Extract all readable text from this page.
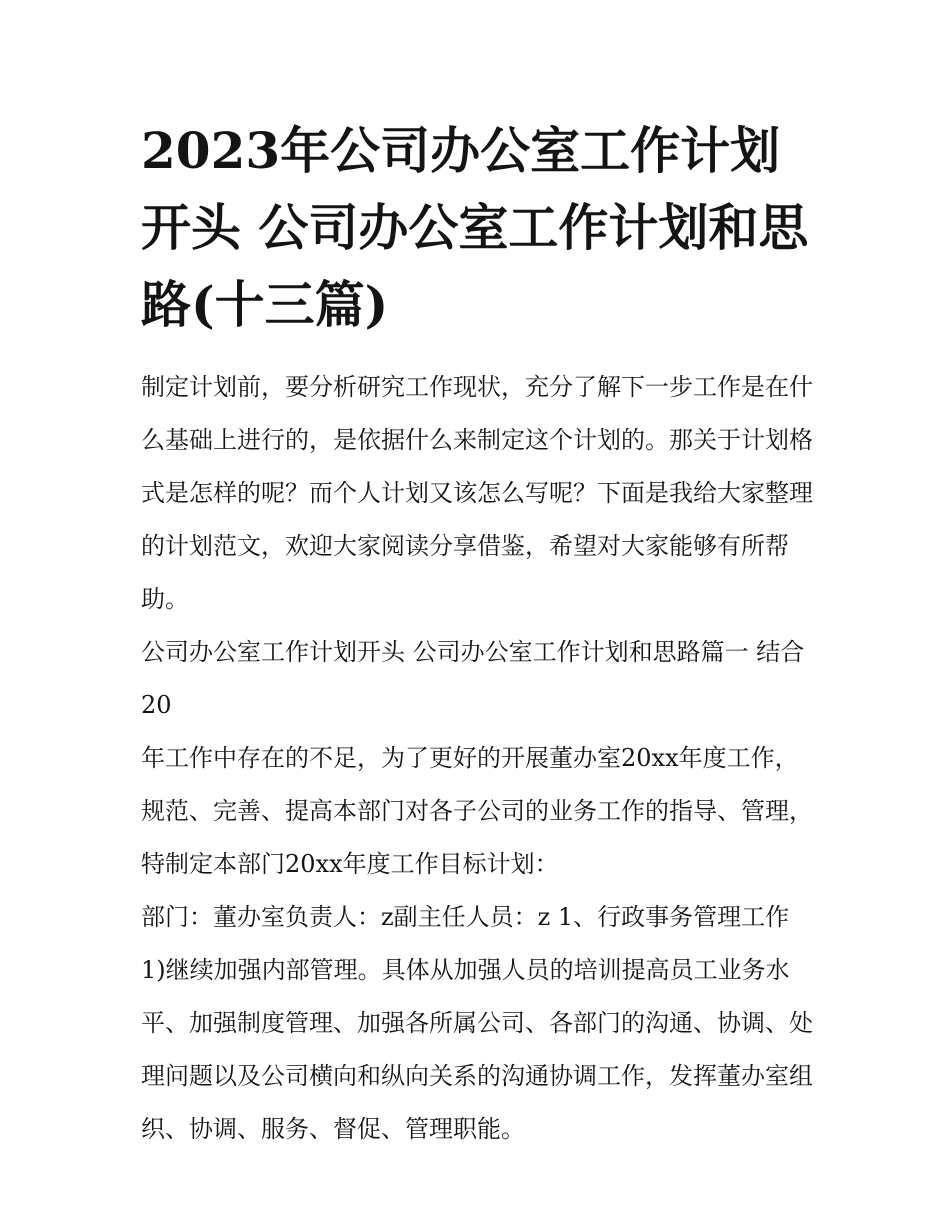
2023年公司办公室工作计划开头 公司办公室工作计划和思路(十三篇)

制定计划前，要分析研究工作现状，充分了解下一步工作是在什么基础上进行的，是依据什么来制定这个计划的。那关于计划格式是怎样的呢？而个人计划又该怎么写呢？下面是我给大家整理的计划范文，欢迎大家阅读分享借鉴，希望对大家能够有所帮助。

公司办公室工作计划开头 公司办公室工作计划和思路篇一 结合20

年工作中存在的不足，为了更好的开展董办室20xx年度工作，规范、完善、提高本部门对各子公司的业务工作的指导、管理，特制定本部门20xx年度工作目标计划：

部门：董办室负责人：z副主任人员：z 1、行政事务管理工作

1)继续加强内部管理。具体从加强人员的培训提高员工业务水平、加强制度管理、加强各所属公司、各部门的沟通、协调、处理问题以及公司横向和纵向关系的沟通协调工作，发挥董办室组织、协调、服务、督促、管理职能。
